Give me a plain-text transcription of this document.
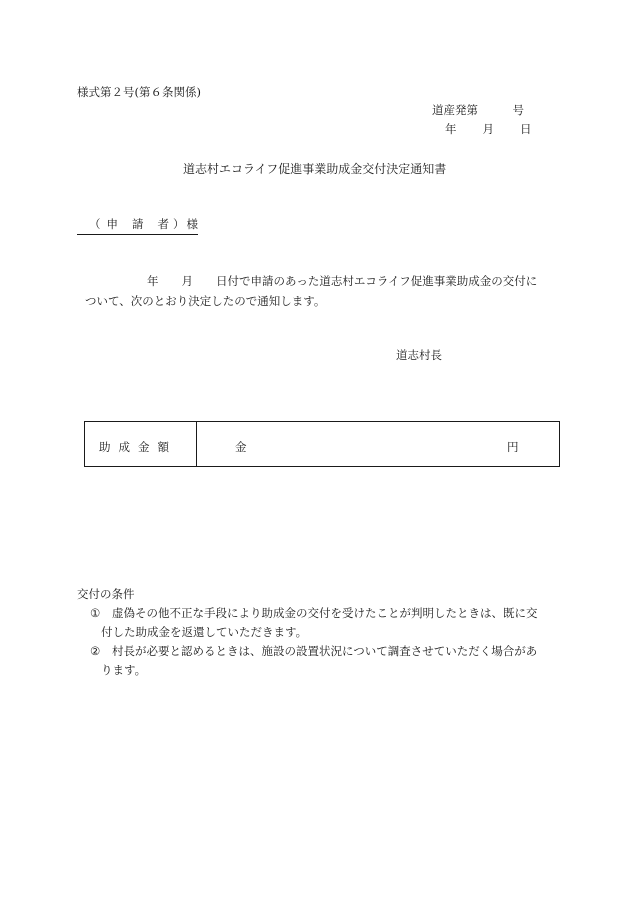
様式第２号(第６条関係)
道産発第　　　号
年 月 日
道志村エコライフ促進事業助成金交付決定通知書
（ 申 請 者 ） 様
年　　月　　日付で申請のあった道志村エコライフ促進事業助成金の交付に
ついて、次のとおり決定したので通知します。
道志村長
助成金額	金	円
交付の条件
① 虚偽その他不正な手段により助成金の交付を受けたことが判明したときは、既に交
付した助成金を返還していただきます。
② 村長が必要と認めるときは、施設の設置状況について調査させていただく場合があ
ります。
